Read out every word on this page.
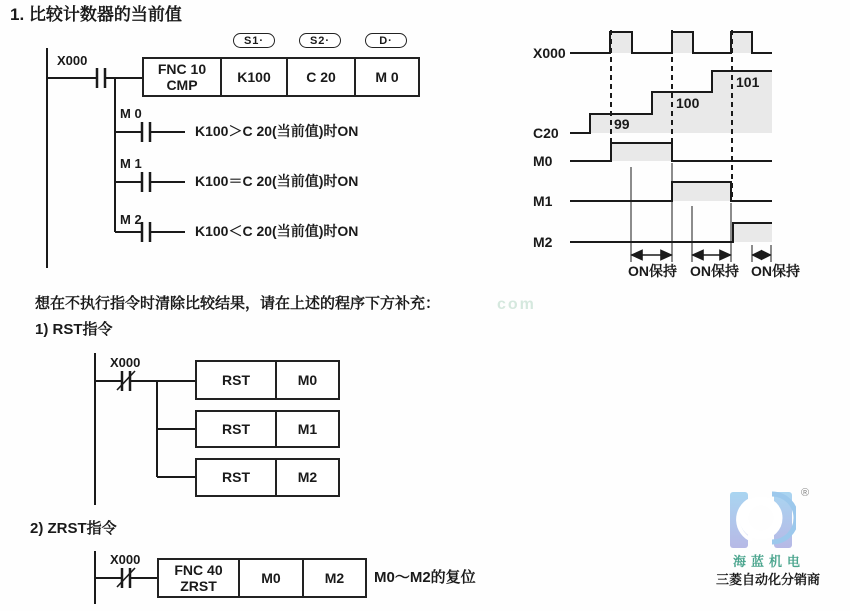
1. 比较计数器的当前值
想在不执行指令时清除比较结果，请在上述的程序下方补充：	com
1) RST指令
2) ZRST指令
X000
S1·	S2·	D·
FNC 10
CMP
K100	C 20	M 0
M 0
M 1
M 2
K100＞C 20(当前值)时ON
K100＝C 20(当前值)时ON
K100＜C 20(当前值)时ON
X000
C20
M0
M1
M2
99
100
101
ON保持 ON保持 ON保持
X000
RST	M0
RST	M1
RST	M2
X000
FNC 40
ZRST
M0	M2	M0～M2的复位
®
海蓝机电
三菱自动化分销商
